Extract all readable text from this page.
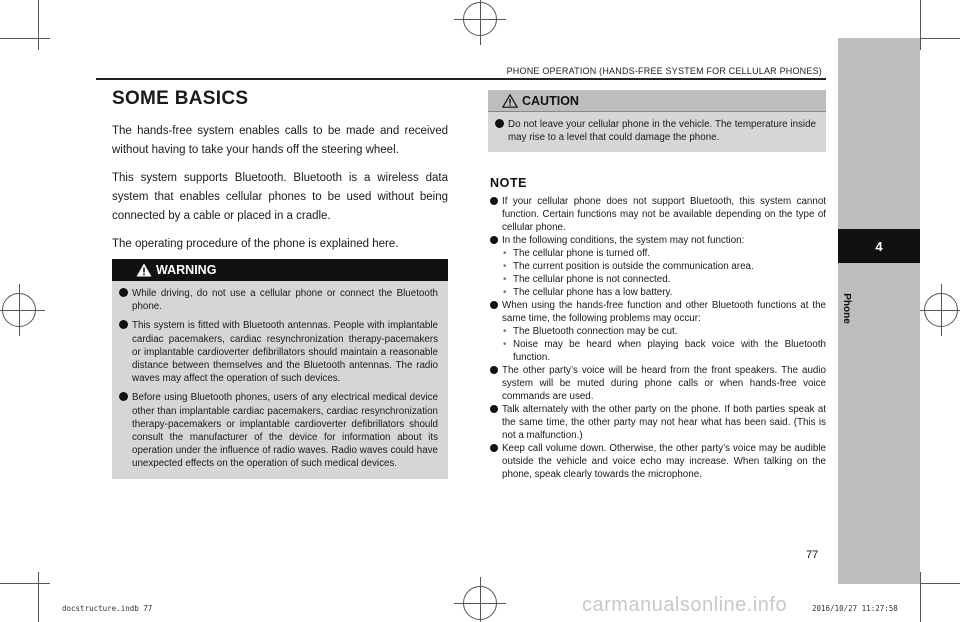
PHONE OPERATION (HANDS-FREE SYSTEM FOR CELLULAR PHONES)
4
Phone
SOME BASICS

The hands-free system enables calls to be made and received without having to take your hands off the steering wheel.

This system supports Bluetooth. Bluetooth is a wireless data system that enables cellular phones to be used without being connected by a cable or placed in a cradle.

The operating procedure of the phone is explained here.

WARNING
While driving, do not use a cellular phone or connect the Bluetooth phone.
This system is fitted with Bluetooth antennas. People with implantable cardiac pacemakers, cardiac resynchronization therapy-pacemakers or implantable cardioverter defibrillators should maintain a reasonable distance between themselves and the Bluetooth antennas. The radio waves may affect the operation of such devices.
Before using Bluetooth phones, users of any electrical medical device other than implantable cardiac pacemakers, cardiac resynchronization therapy-pacemakers or implantable cardioverter defibrillators should consult the manufacturer of the device for information about its operation under the influence of radio waves. Radio waves could have unexpected effects on the operation of such medical devices.
CAUTION
Do not leave your cellular phone in the vehicle. The temperature inside may rise to a level that could damage the phone.
NOTE
If your cellular phone does not support Bluetooth, this system cannot function. Certain functions may not be available depending on the type of cellular phone.
In the following conditions, the system may not function:
• The cellular phone is turned off.
• The current position is outside the communication area.
• The cellular phone is not connected.
• The cellular phone has a low battery.
When using the hands-free function and other Bluetooth functions at the same time, the following problems may occur:
• The Bluetooth connection may be cut.
• Noise may be heard when playing back voice with the Bluetooth function.
The other party’s voice will be heard from the front speakers. The audio system will be muted during phone calls or when hands-free voice commands are used.
Talk alternately with the other party on the phone. If both parties speak at the same time, the other party may not hear what has been said. (This is not a malfunction.)
Keep call volume down. Otherwise, the other party’s voice may be audible outside the vehicle and voice echo may increase. When talking on the phone, speak clearly towards the microphone.
77
docstructure.indb 77	2016/10/27 11:27:58
carmanualsonline.info
